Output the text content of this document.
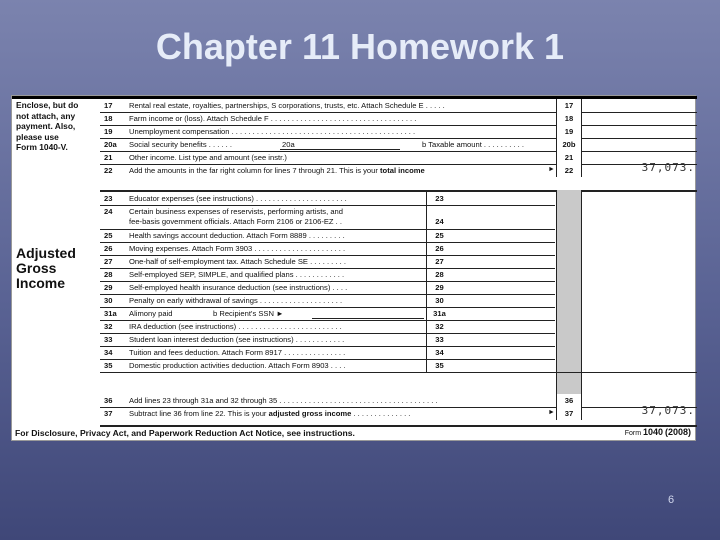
Chapter 11 Homework 1
Enclose, but do
not attach, any
payment. Also,
please use
Form 1040-V.
Adjusted
Gross
Income
17 Rental real estate, royalties, partnerships, S corporations, trusts, etc. Attach Schedule E . . . . .	17
18 Farm income or (loss). Attach Schedule F . . . . . . . . . . . . . . . . . . . . . . . . . . . . . . . . . . .	18
19 Unemployment compensation . . . . . . . . . . . . . . . . . . . . . . . . . . . . . . . . . . . . . . . . . . . .	19
20a Social security benefits . . . . . .	20a	b Taxable amount . . . . . . . . . .	20b
21 Other income. List type and amount (see instr.)	21
22 Add the amounts in the far right column for lines 7 through 21. This is your total income	►	22	37,073.
23 Educator expenses (see instructions) . . . . . . . . . . . . . . . . . . . . . .	23
24 Certain business expenses of reservists, performing artists, and
fee-basis government officials. Attach Form 2106 or 2106-EZ . .	24
25 Health savings account deduction. Attach Form 8889 . . . . . . . . .	25
26 Moving expenses. Attach Form 3903 . . . . . . . . . . . . . . . . . . . . . .	26
27 One-half of self-employment tax. Attach Schedule SE . . . . . . . . .	27
28 Self-employed SEP, SIMPLE, and qualified plans . . . . . . . . . . . .	28
29 Self-employed health insurance deduction (see instructions) . . . .	29
30 Penalty on early withdrawal of savings . . . . . . . . . . . . . . . . . . . .	30
31a Alimony paid	b Recipient's SSN ►	31a
32 IRA deduction (see instructions) . . . . . . . . . . . . . . . . . . . . . . . . .	32
33 Student loan interest deduction (see instructions) . . . . . . . . . . . .	33
34 Tuition and fees deduction. Attach Form 8917 . . . . . . . . . . . . . . .	34
35 Domestic production activities deduction. Attach Form 8903 . . . .	35
36 Add lines 23 through 31a and 32 through 35 . . . . . . . . . . . . . . . . . . . . . . . . . . . . . . . . . . . . . .	36
37 Subtract line 36 from line 22. This is your adjusted gross income . . . . . . . . . . . . . .	►	37	37,073.
For Disclosure, Privacy Act, and Paperwork Reduction Act Notice, see instructions.	Form 1040 (2008)
6
